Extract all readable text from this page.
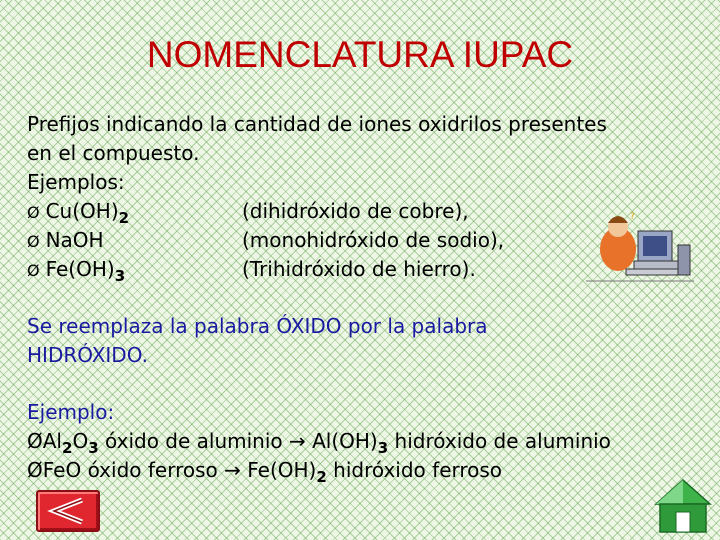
NOMENCLATURA IUPAC
Prefijos indicando la cantidad de iones oxidrilos presentes
en el compuesto.
Ejemplos:
Ø $Cu(OH)_2$	(dihidróxido de cobre),
Ø NaOH	(monohidróxido de sodio),
Ø $Fe(OH)_3$	(Trihidróxido de hierro).
?
Se reemplaza la palabra ÓXIDO por la palabra
HIDRÓXIDO.
Ejemplo:
$ØAl_2O_3$ óxido de aluminio → $Al(OH)_3$ hidróxido de aluminio
ØFeO óxido ferroso → $Fe(OH)_2$ hidróxido ferroso
